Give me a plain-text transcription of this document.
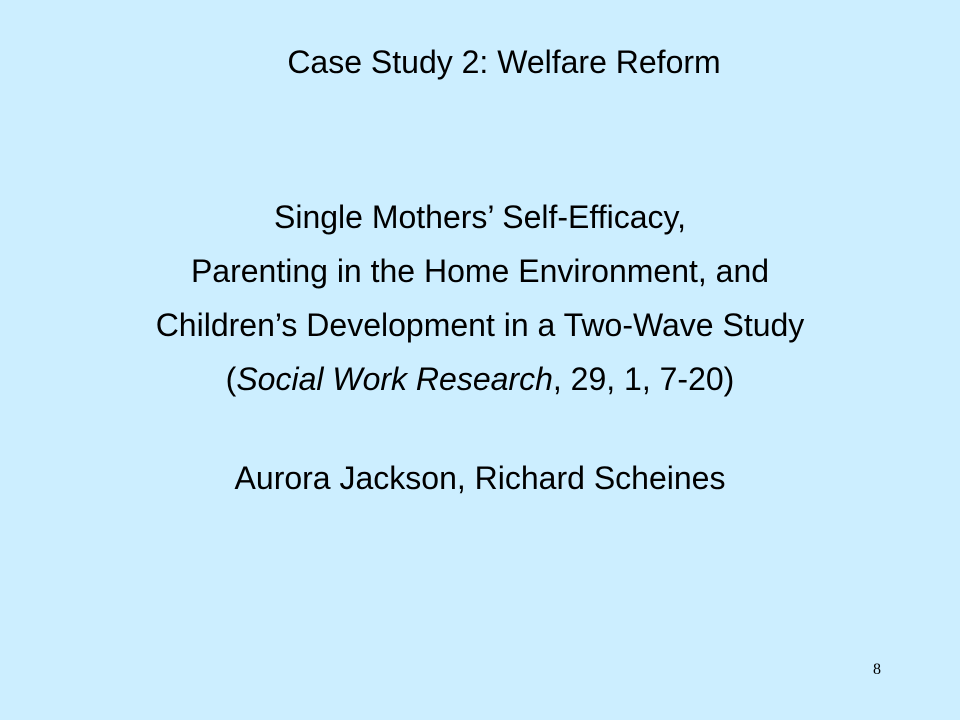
Case Study 2: Welfare Reform
Single Mothers’ Self-Efficacy,
Parenting in the Home Environment, and
Children’s Development in a Two-Wave Study
(Social Work Research, 29, 1, 7-20)
Aurora Jackson, Richard Scheines
8
